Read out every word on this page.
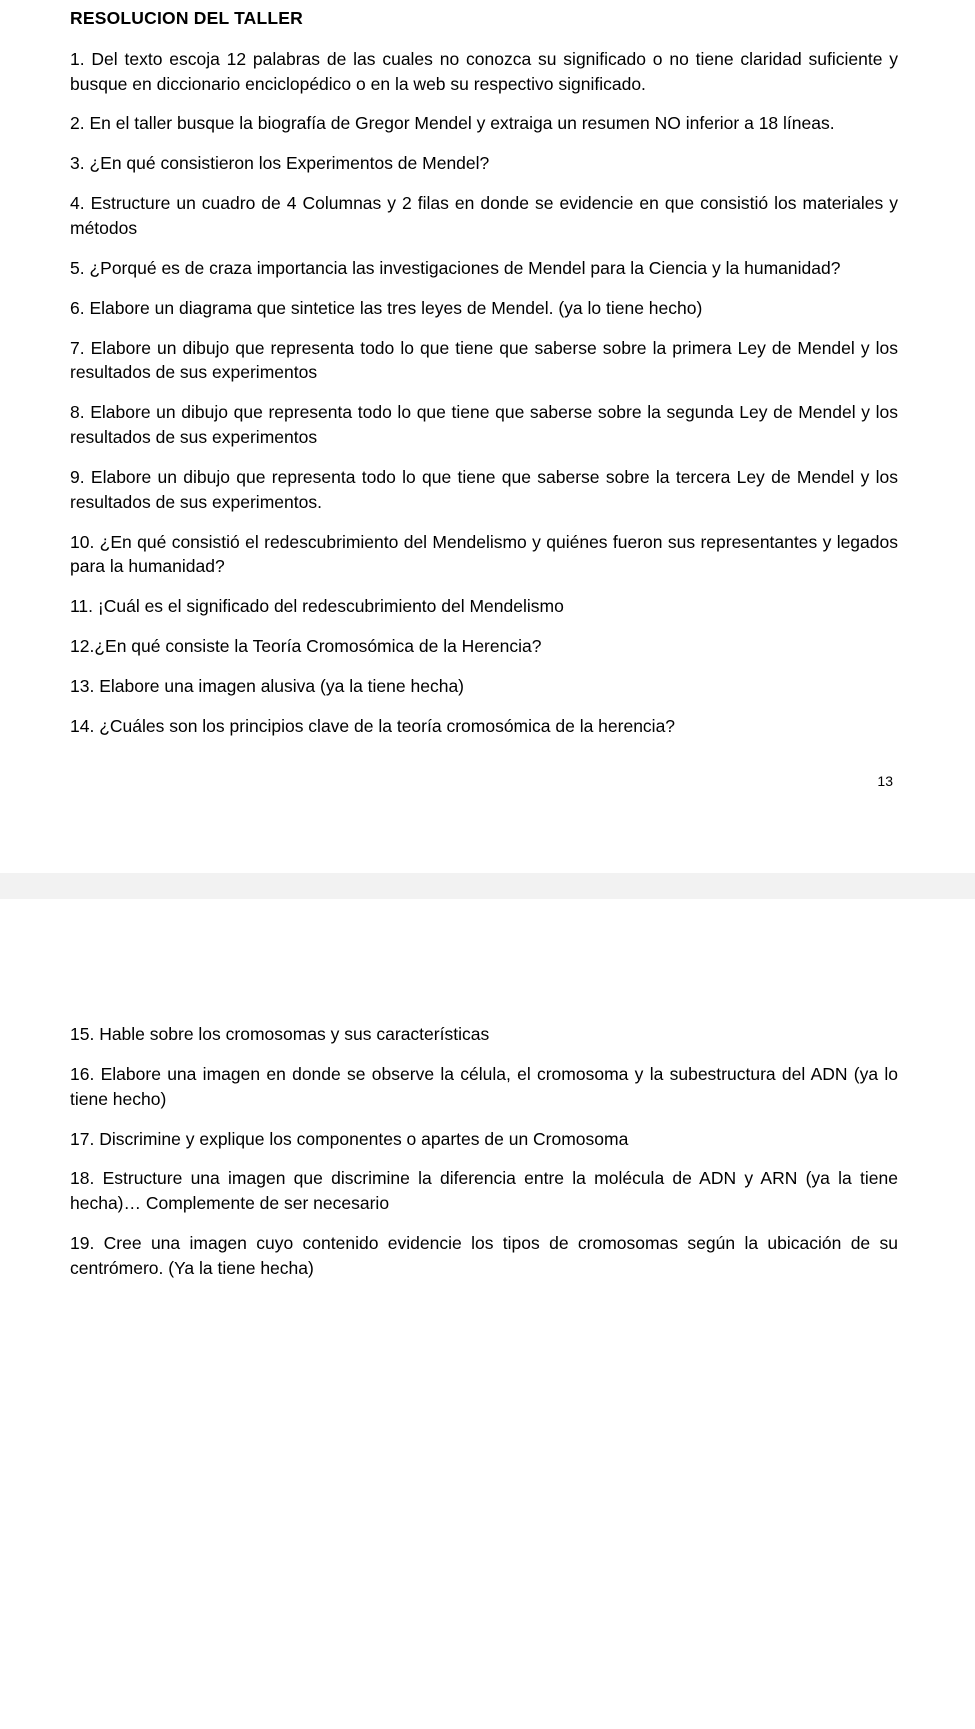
RESOLUCION DEL TALLER

1. Del texto escoja 12 palabras de las cuales no conozca su significado o no tiene claridad suficiente y busque en diccionario enciclopédico o en la web su respectivo significado.

2. En el taller busque la biografía de Gregor Mendel y extraiga un resumen NO inferior a 18 líneas.

3. ¿En qué consistieron los Experimentos de Mendel?

4. Estructure un cuadro de 4 Columnas y 2 filas en donde se evidencie en que consistió los materiales y métodos

5. ¿Porqué es de craza importancia las investigaciones de Mendel para la Ciencia y la humanidad?

6. Elabore un diagrama que sintetice las tres leyes de Mendel. (ya lo tiene hecho)

7. Elabore un dibujo que representa todo lo que tiene que saberse sobre la primera Ley de Mendel y los resultados de sus experimentos

8. Elabore un dibujo que representa todo lo que tiene que saberse sobre la segunda Ley de Mendel y los resultados de sus experimentos

9. Elabore un dibujo que representa todo lo que tiene que saberse sobre la tercera Ley de Mendel y los resultados de sus experimentos.

10. ¿En qué consistió el redescubrimiento del Mendelismo y quiénes fueron sus representantes y legados para la humanidad?

11. ¡Cuál es el significado del redescubrimiento del Mendelismo

12.¿En qué consiste la Teoría Cromosómica de la Herencia?

13. Elabore una imagen alusiva (ya la tiene hecha)

14. ¿Cuáles son los principios clave de la teoría cromosómica de la herencia?

13

15. Hable sobre los cromosomas y sus características

16. Elabore una imagen en donde se observe la célula, el cromosoma y la subestructura del ADN (ya lo tiene hecho)

17. Discrimine y explique los componentes o apartes de un Cromosoma

18. Estructure una imagen que discrimine la diferencia entre la molécula de ADN y ARN (ya la tiene hecha)… Complemente de ser necesario

19. Cree una imagen cuyo contenido evidencie los tipos de cromosomas según la ubicación de su centrómero. (Ya la tiene hecha)
